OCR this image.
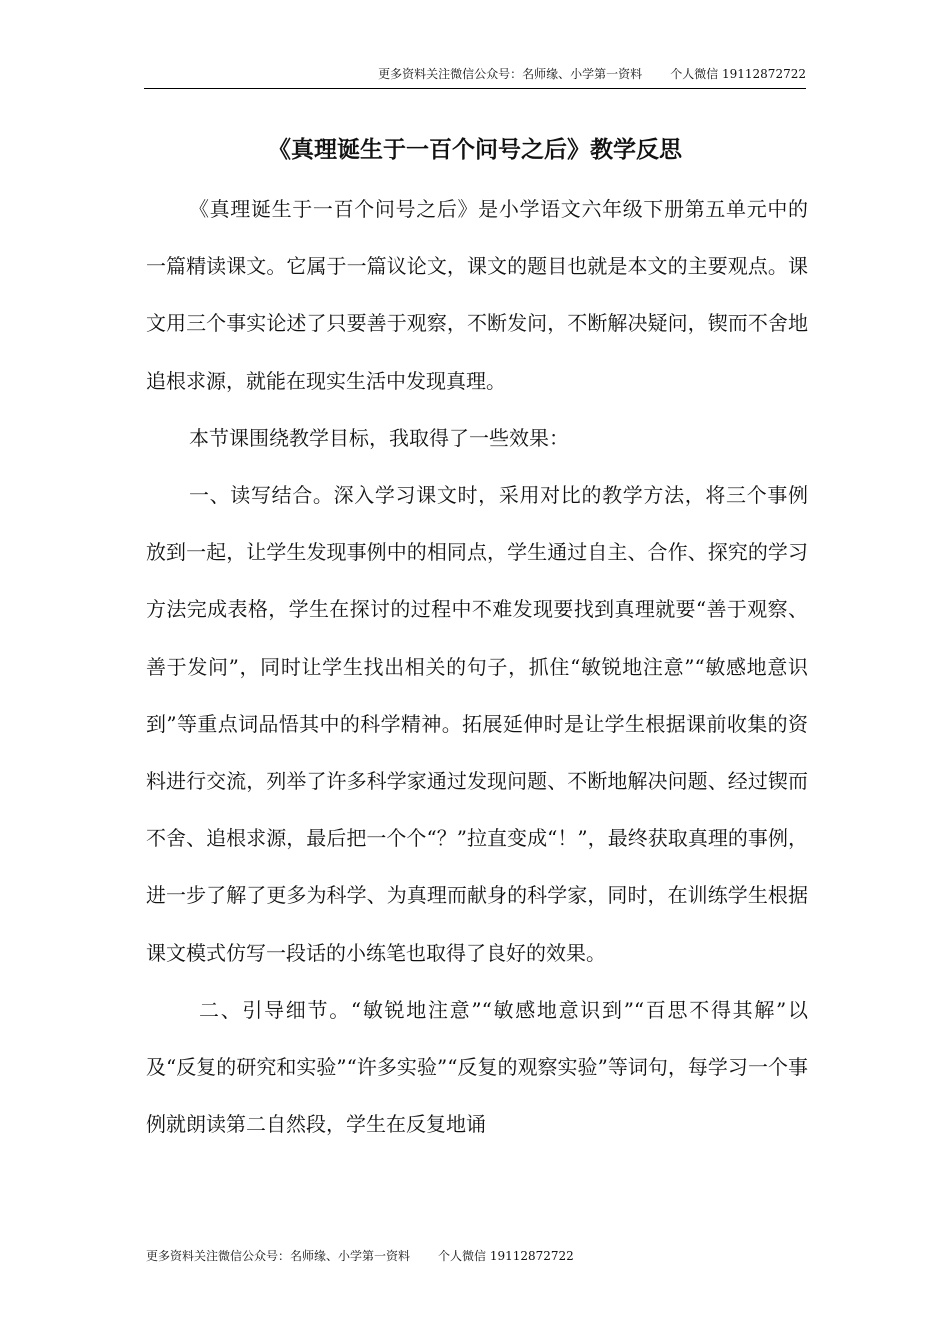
更多资料关注微信公众号：名师缘、小学第一资料 个人微信 19112872722
《真理诞生于一百个问号之后》教学反思

《真理诞生于一百个问号之后》是小学语文六年级下册第五单元中的一篇精读课文。它属于一篇议论文，课文的题目也就是本文的主要观点。课文用三个事实论述了只要善于观察，不断发问，不断解决疑问，锲而不舍地追根求源，就能在现实生活中发现真理。

本节课围绕教学目标，我取得了一些效果：

一、读写结合。深入学习课文时，采用对比的教学方法，将三个事例放到一起，让学生发现事例中的相同点，学生通过自主、合作、探究的学习方法完成表格，学生在探讨的过程中不难发现要找到真理就要“善于观察、善于发问”，同时让学生找出相关的句子，抓住“敏锐地注意”“敏感地意识到”等重点词品悟其中的科学精神。拓展延伸时是让学生根据课前收集的资料进行交流，列举了许多科学家通过发现问题、不断地解决问题、经过锲而不舍、追根求源，最后把一个个“？”拉直变成“！”，最终获取真理的事例，进一步了解了更多为科学、为真理而献身的科学家，同时，在训练学生根据课文模式仿写一段话的小练笔也取得了良好的效果。

二、引导细节。“敏锐地注意”“敏感地意识到”“百思不得其解”以及“反复的研究和实验”“许多实验”“反复的观察实验”等词句，每学习一个事例就朗读第二自然段，学生在反复地诵

更多资料关注微信公众号：名师缘、小学第一资料 个人微信 19112872722
